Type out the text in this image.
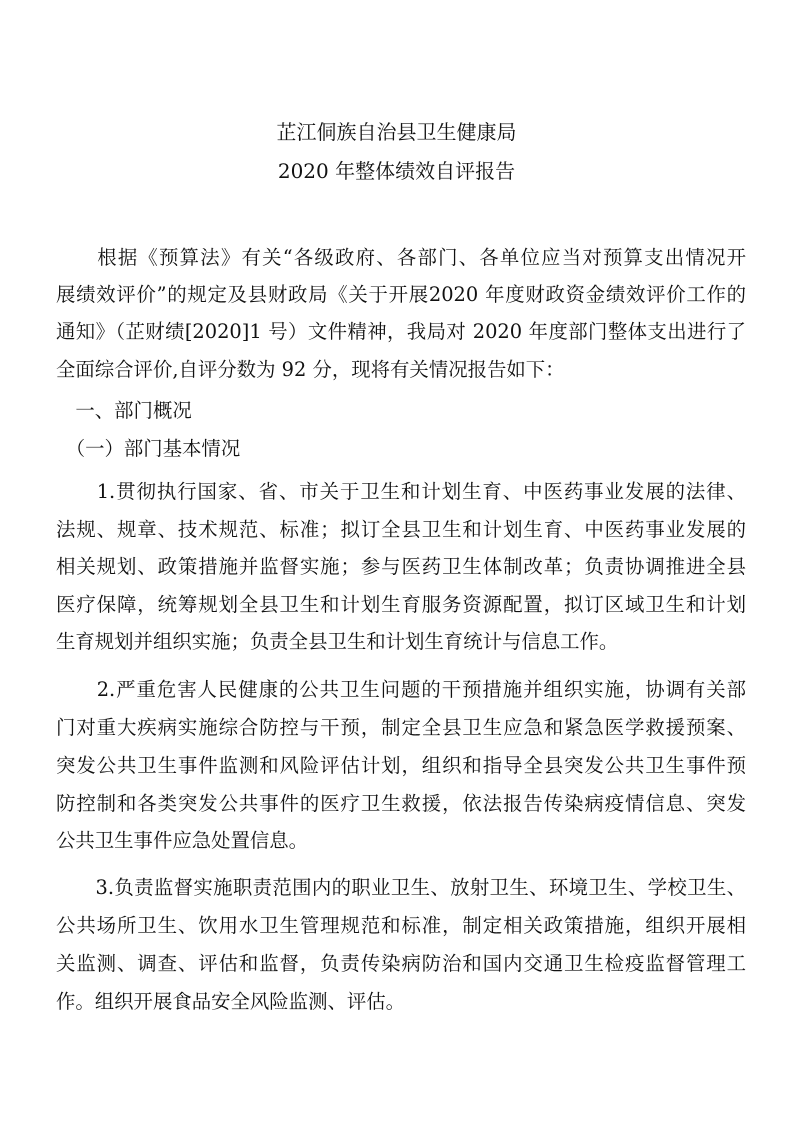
芷江侗族自治县卫生健康局
2020 年整体绩效自评报告
　　根据《预算法》有关“各级政府、各部门、各单位应当对预算支出情况开
展绩效评价”的规定及县财政局《关于开展2020 年度财政资金绩效评价工作的
通知》（芷财绩[2020]1 号）文件精神，我局对 2020 年度部门整体支出进行了
全面综合评价,自评分数为 92 分，现将有关情况报告如下：
　一、部门概况
　（一）部门基本情况
　　1.贯彻执行国家、省、市关于卫生和计划生育、中医药事业发展的法律、
法规、规章、技术规范、标准；拟订全县卫生和计划生育、中医药事业发展的
相关规划、政策措施并监督实施；参与医药卫生体制改革；负责协调推进全县
医疗保障，统筹规划全县卫生和计划生育服务资源配置，拟订区域卫生和计划
生育规划并组织实施；负责全县卫生和计划生育统计与信息工作。
　　2.严重危害人民健康的公共卫生问题的干预措施并组织实施，协调有关部
门对重大疾病实施综合防控与干预，制定全县卫生应急和紧急医学救援预案、
突发公共卫生事件监测和风险评估计划，组织和指导全县突发公共卫生事件预
防控制和各类突发公共事件的医疗卫生救援，依法报告传染病疫情信息、突发
公共卫生事件应急处置信息。
　　3.负责监督实施职责范围内的职业卫生、放射卫生、环境卫生、学校卫生、
公共场所卫生、饮用水卫生管理规范和标准，制定相关政策措施，组织开展相
关监测、调查、评估和监督，负责传染病防治和国内交通卫生检疫监督管理工
作。组织开展食品安全风险监测、评估。
